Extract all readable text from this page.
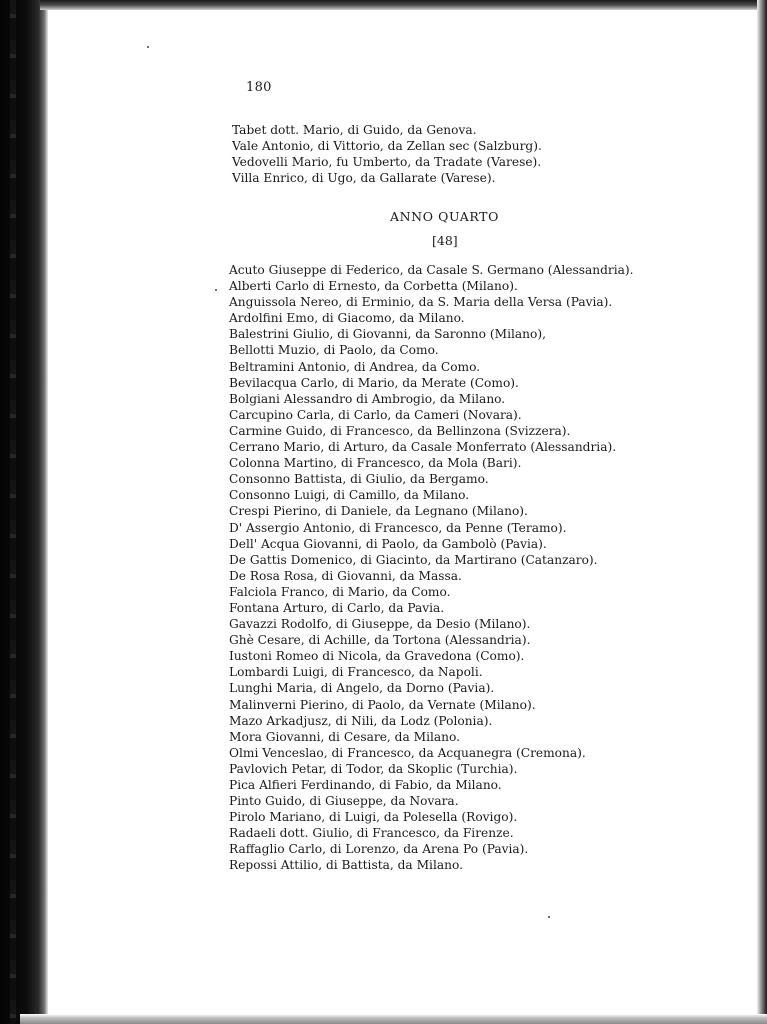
180
Tabet dott. Mario, di Guido, da Genova.
Vale Antonio, di Vittorio, da Zellan sec (Salzburg).
Vedovelli Mario, fu Umberto, da Tradate (Varese).
Villa Enrico, di Ugo, da Gallarate (Varese).
ANNO QUARTO
[48]
Acuto Giuseppe di Federico, da Casale S. Germano (Alessandria).
Alberti Carlo di Ernesto, da Corbetta (Milano).
Anguissola Nereo, di Erminio, da S. Maria della Versa (Pavia).
Ardolfini Emo, di Giacomo, da Milano.
Balestrini Giulio, di Giovanni, da Saronno (Milano),
Bellotti Muzio, di Paolo, da Como.
Beltramini Antonio, di Andrea, da Como.
Bevilacqua Carlo, di Mario, da Merate (Como).
Bolgiani Alessandro di Ambrogio, da Milano.
Carcupino Carla, di Carlo, da Cameri (Novara).
Carmine Guido, di Francesco, da Bellinzona (Svizzera).
Cerrano Mario, di Arturo, da Casale Monferrato (Alessandria).
Colonna Martino, di Francesco, da Mola (Bari).
Consonno Battista, di Giulio, da Bergamo.
Consonno Luigi, di Camillo, da Milano.
Crespi Pierino, di Daniele, da Legnano (Milano).
D' Assergio Antonio, di Francesco, da Penne (Teramo).
Dell' Acqua Giovanni, di Paolo, da Gambolò (Pavia).
De Gattis Domenico, di Giacinto, da Martirano (Catanzaro).
De Rosa Rosa, di Giovanni, da Massa.
Falciola Franco, di Mario, da Como.
Fontana Arturo, di Carlo, da Pavia.
Gavazzi Rodolfo, di Giuseppe, da Desio (Milano).
Ghè Cesare, di Achille, da Tortona (Alessandria).
Iustoni Romeo di Nicola, da Gravedona (Como).
Lombardi Luigi, di Francesco, da Napoli.
Lunghi Maria, di Angelo, da Dorno (Pavia).
Malinverni Pierino, di Paolo, da Vernate (Milano).
Mazo Arkadjusz, di Nili, da Lodz (Polonia).
Mora Giovanni, di Cesare, da Milano.
Olmi Venceslao, di Francesco, da Acquanegra (Cremona).
Pavlovich Petar, di Todor, da Skoplic (Turchia).
Pica Alfieri Ferdinando, di Fabio, da Milano.
Pinto Guido, di Giuseppe, da Novara.
Pirolo Mariano, di Luigi, da Polesella (Rovigo).
Radaeli dott. Giulio, di Francesco, da Firenze.
Raffaglio Carlo, di Lorenzo, da Arena Po (Pavia).
Repossi Attilio, di Battista, da Milano.
